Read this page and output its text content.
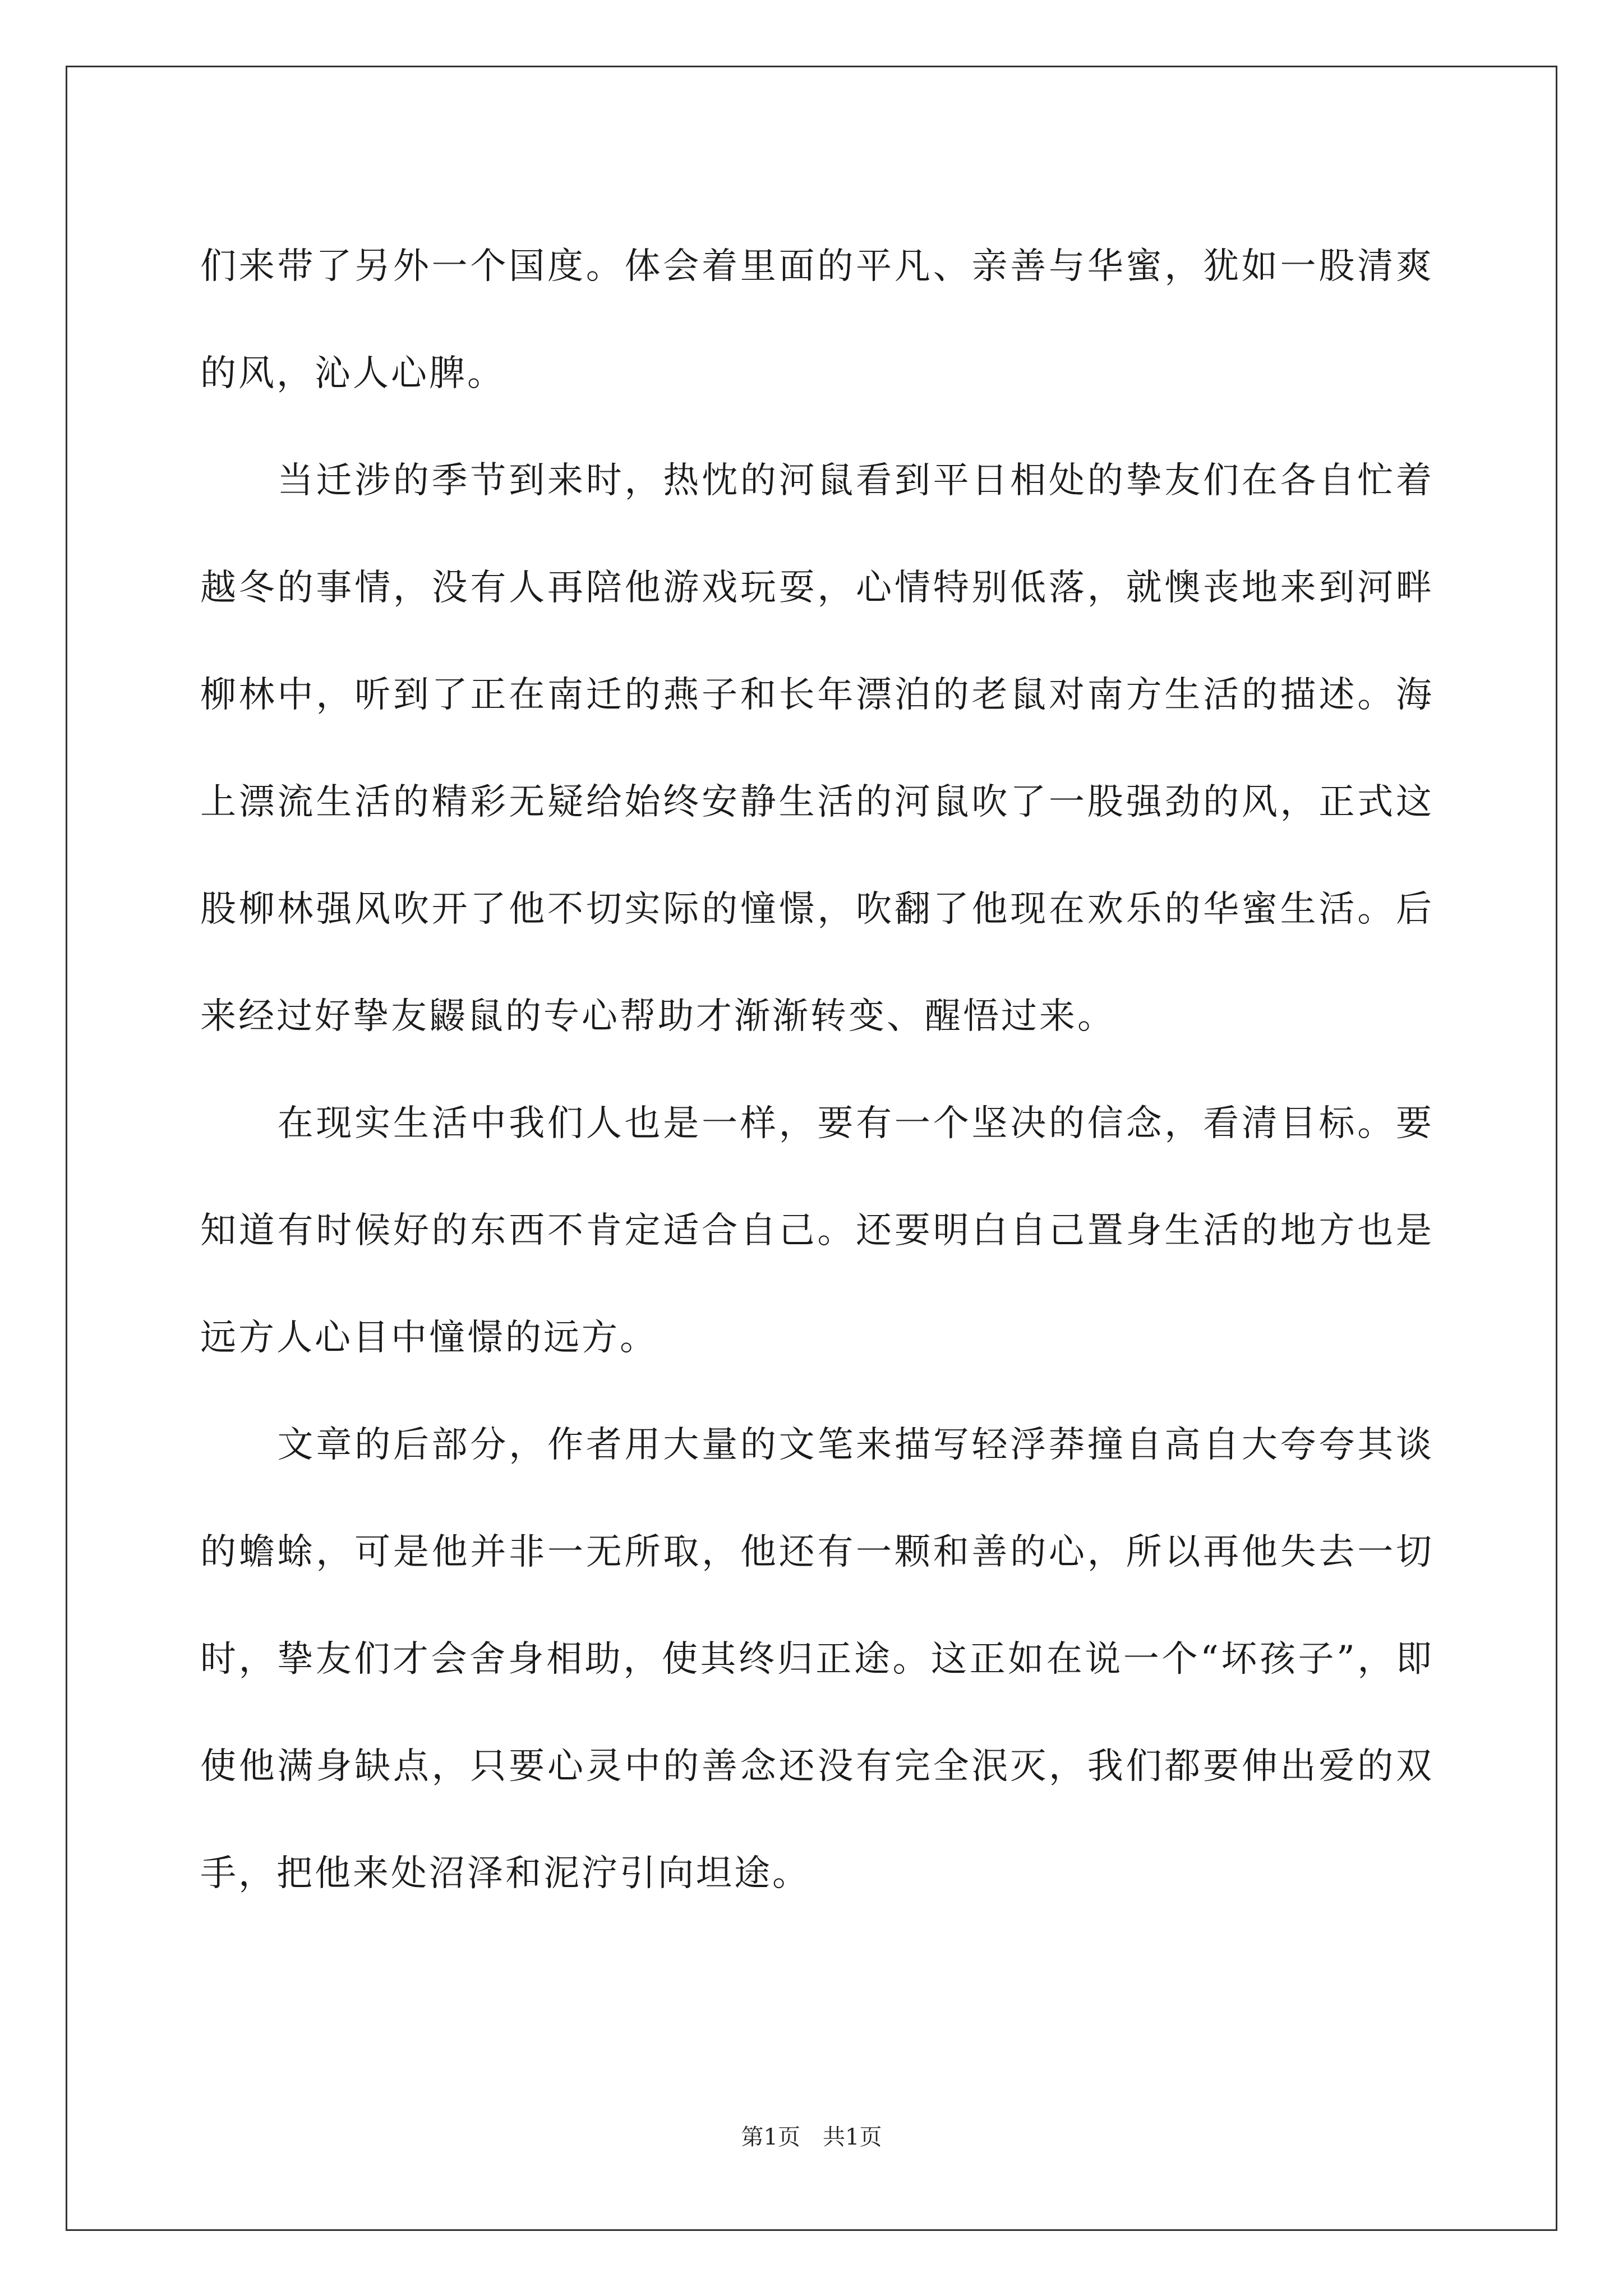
们来带了另外一个国度。体会着里面的平凡、亲善与华蜜，犹如一股清爽的风，沁人心脾。

　　当迁涉的季节到来时，热忱的河鼠看到平日相处的挚友们在各自忙着越冬的事情，没有人再陪他游戏玩耍，心情特别低落，就懊丧地来到河畔柳林中，听到了正在南迁的燕子和长年漂泊的老鼠对南方生活的描述。海上漂流生活的精彩无疑给始终安静生活的河鼠吹了一股强劲的风，正式这股柳林强风吹开了他不切实际的憧憬，吹翻了他现在欢乐的华蜜生活。后来经过好挚友鼹鼠的专心帮助才渐渐转变、醒悟过来。

　　在现实生活中我们人也是一样，要有一个坚决的信念，看清目标。要知道有时候好的东西不肯定适合自己。还要明白自己置身生活的地方也是远方人心目中憧憬的远方。

　　文章的后部分，作者用大量的文笔来描写轻浮莽撞自高自大夸夸其谈的蟾蜍，可是他并非一无所取，他还有一颗和善的心，所以再他失去一切时，挚友们才会舍身相助，使其终归正途。这正如在说一个“坏孩子”，即使他满身缺点，只要心灵中的善念还没有完全泯灭，我们都要伸出爱的双手，把他来处沼泽和泥泞引向坦途。

第1页　共1页
